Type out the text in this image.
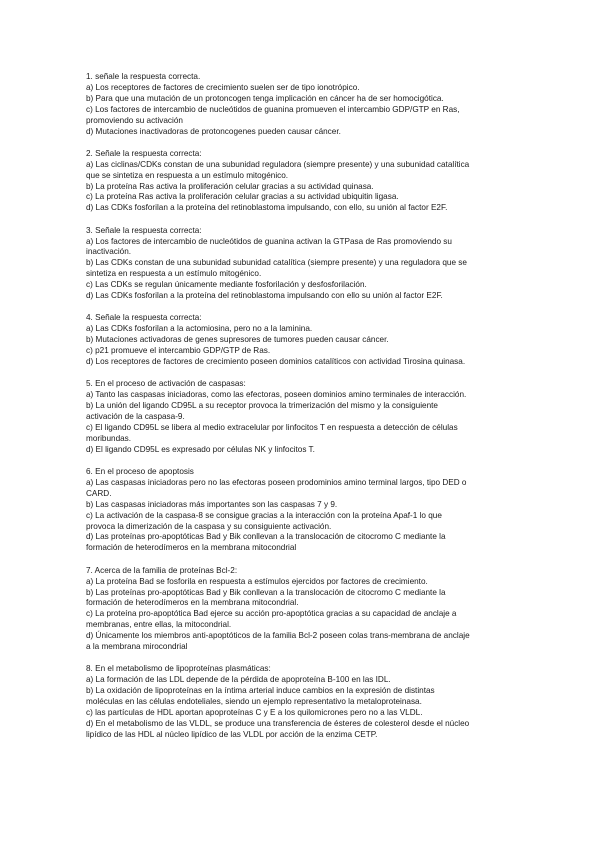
1. señale la respuesta correcta.
a) Los receptores de factores de crecimiento suelen ser de tipo ionotrópico.
b) Para que una mutación de un protoncogen tenga implicación en cáncer ha de ser homocigótica.
c) Los factores de intercambio de nucleótidos de guanina promueven el intercambio GDP/GTP en Ras,
promoviendo su activación
d) Mutaciones inactivadoras de protoncogenes pueden causar cáncer.
2. Señale la respuesta correcta:
a) Las ciclinas/CDKs constan de una subunidad reguladora (siempre presente) y una subunidad catalítica
que se sintetiza en respuesta a un estímulo mitogénico.
b) La proteína Ras activa la proliferación celular gracias a su actividad quinasa.
c) La proteína Ras activa la proliferación celular gracias a su actividad ubiquitin ligasa.
d) Las CDKs fosforilan a la proteína del retinoblastoma impulsando, con ello, su unión al factor E2F.
3. Señale la respuesta correcta:
a) Los factores de intercambio de nucleótidos de guanina activan la GTPasa de Ras promoviendo su
inactivación.
b) Las CDKs constan de una subunidad subunidad catalítica (siempre presente) y una reguladora que se
sintetiza en respuesta a un estímulo mitogénico.
c) Las CDKs se regulan únicamente mediante fosforilación y desfosforilación.
d) Las CDKs fosforilan a la proteína del retinoblastoma impulsando con ello su unión al factor E2F.
4. Señale la respuesta correcta:
a) Las CDKs fosforilan a la actomiosina, pero no a la laminina.
b) Mutaciones activadoras de genes supresores de tumores pueden causar cáncer.
c) p21 promueve el intercambio GDP/GTP de Ras.
d) Los receptores de factores de crecimiento poseen dominios catalíticos con actividad Tirosina quinasa.
5. En el proceso de activación de caspasas:
a) Tanto las caspasas iniciadoras, como las efectoras, poseen dominios amino terminales de interacción.
b) La unión del ligando CD95L a su receptor provoca la trimerización del mismo y la consiguiente
activación de la caspasa-9.
c) El ligando CD95L se libera al medio extracelular por linfocitos T en respuesta a detección de células
moribundas.
d) El ligando CD95L es expresado por células NK y linfocitos T.
6. En el proceso de apoptosis
a) Las caspasas iniciadoras pero no las efectoras poseen prodominios amino terminal largos, tipo DED o
CARD.
b) Las caspasas iniciadoras más importantes son las caspasas 7 y 9.
c) La activación de la caspasa-8 se consigue gracias a la interacción con la proteína Apaf-1 lo que
provoca la dimerización de la caspasa y su consiguiente activación.
d) Las proteínas pro-apoptóticas Bad y Bik conllevan a la translocación de citocromo C mediante la
formación de heterodímeros en la membrana mitocondrial
7. Acerca de la familia de proteínas Bcl-2:
a) La proteína Bad se fosforila en respuesta a estímulos ejercidos por factores de crecimiento.
b) Las proteínas pro-apoptóticas Bad y Bik conllevan a la translocación de citocromo C mediante la
formación de heterodímeros en la membrana mitocondrial.
c) La proteína pro-apoptótica Bad ejerce su acción pro-apoptótica gracias a su capacidad de anclaje a
membranas, entre ellas, la mitocondrial.
d) Únicamente los miembros anti-apoptóticos de la familia Bcl-2 poseen colas trans-membrana de anclaje
a la membrana mirocondrial
8. En el metabolismo de lipoproteínas plasmáticas:
a) La formación de las LDL depende de la pérdida de apoproteína B-100 en las IDL.
b) La oxidación de lipoproteínas en la íntima arterial induce cambios en la expresión de distintas
moléculas en las células endoteliales, siendo un ejemplo representativo la metaloproteinasa.
c) las partículas de HDL aportan apoproteínas C y E a los quilomicrones pero no a las VLDL.
d) En el metabolismo de las VLDL, se produce una transferencia de ésteres de colesterol desde el núcleo
lipídico de las HDL al núcleo lipídico de las VLDL por acción de la enzima CETP.
